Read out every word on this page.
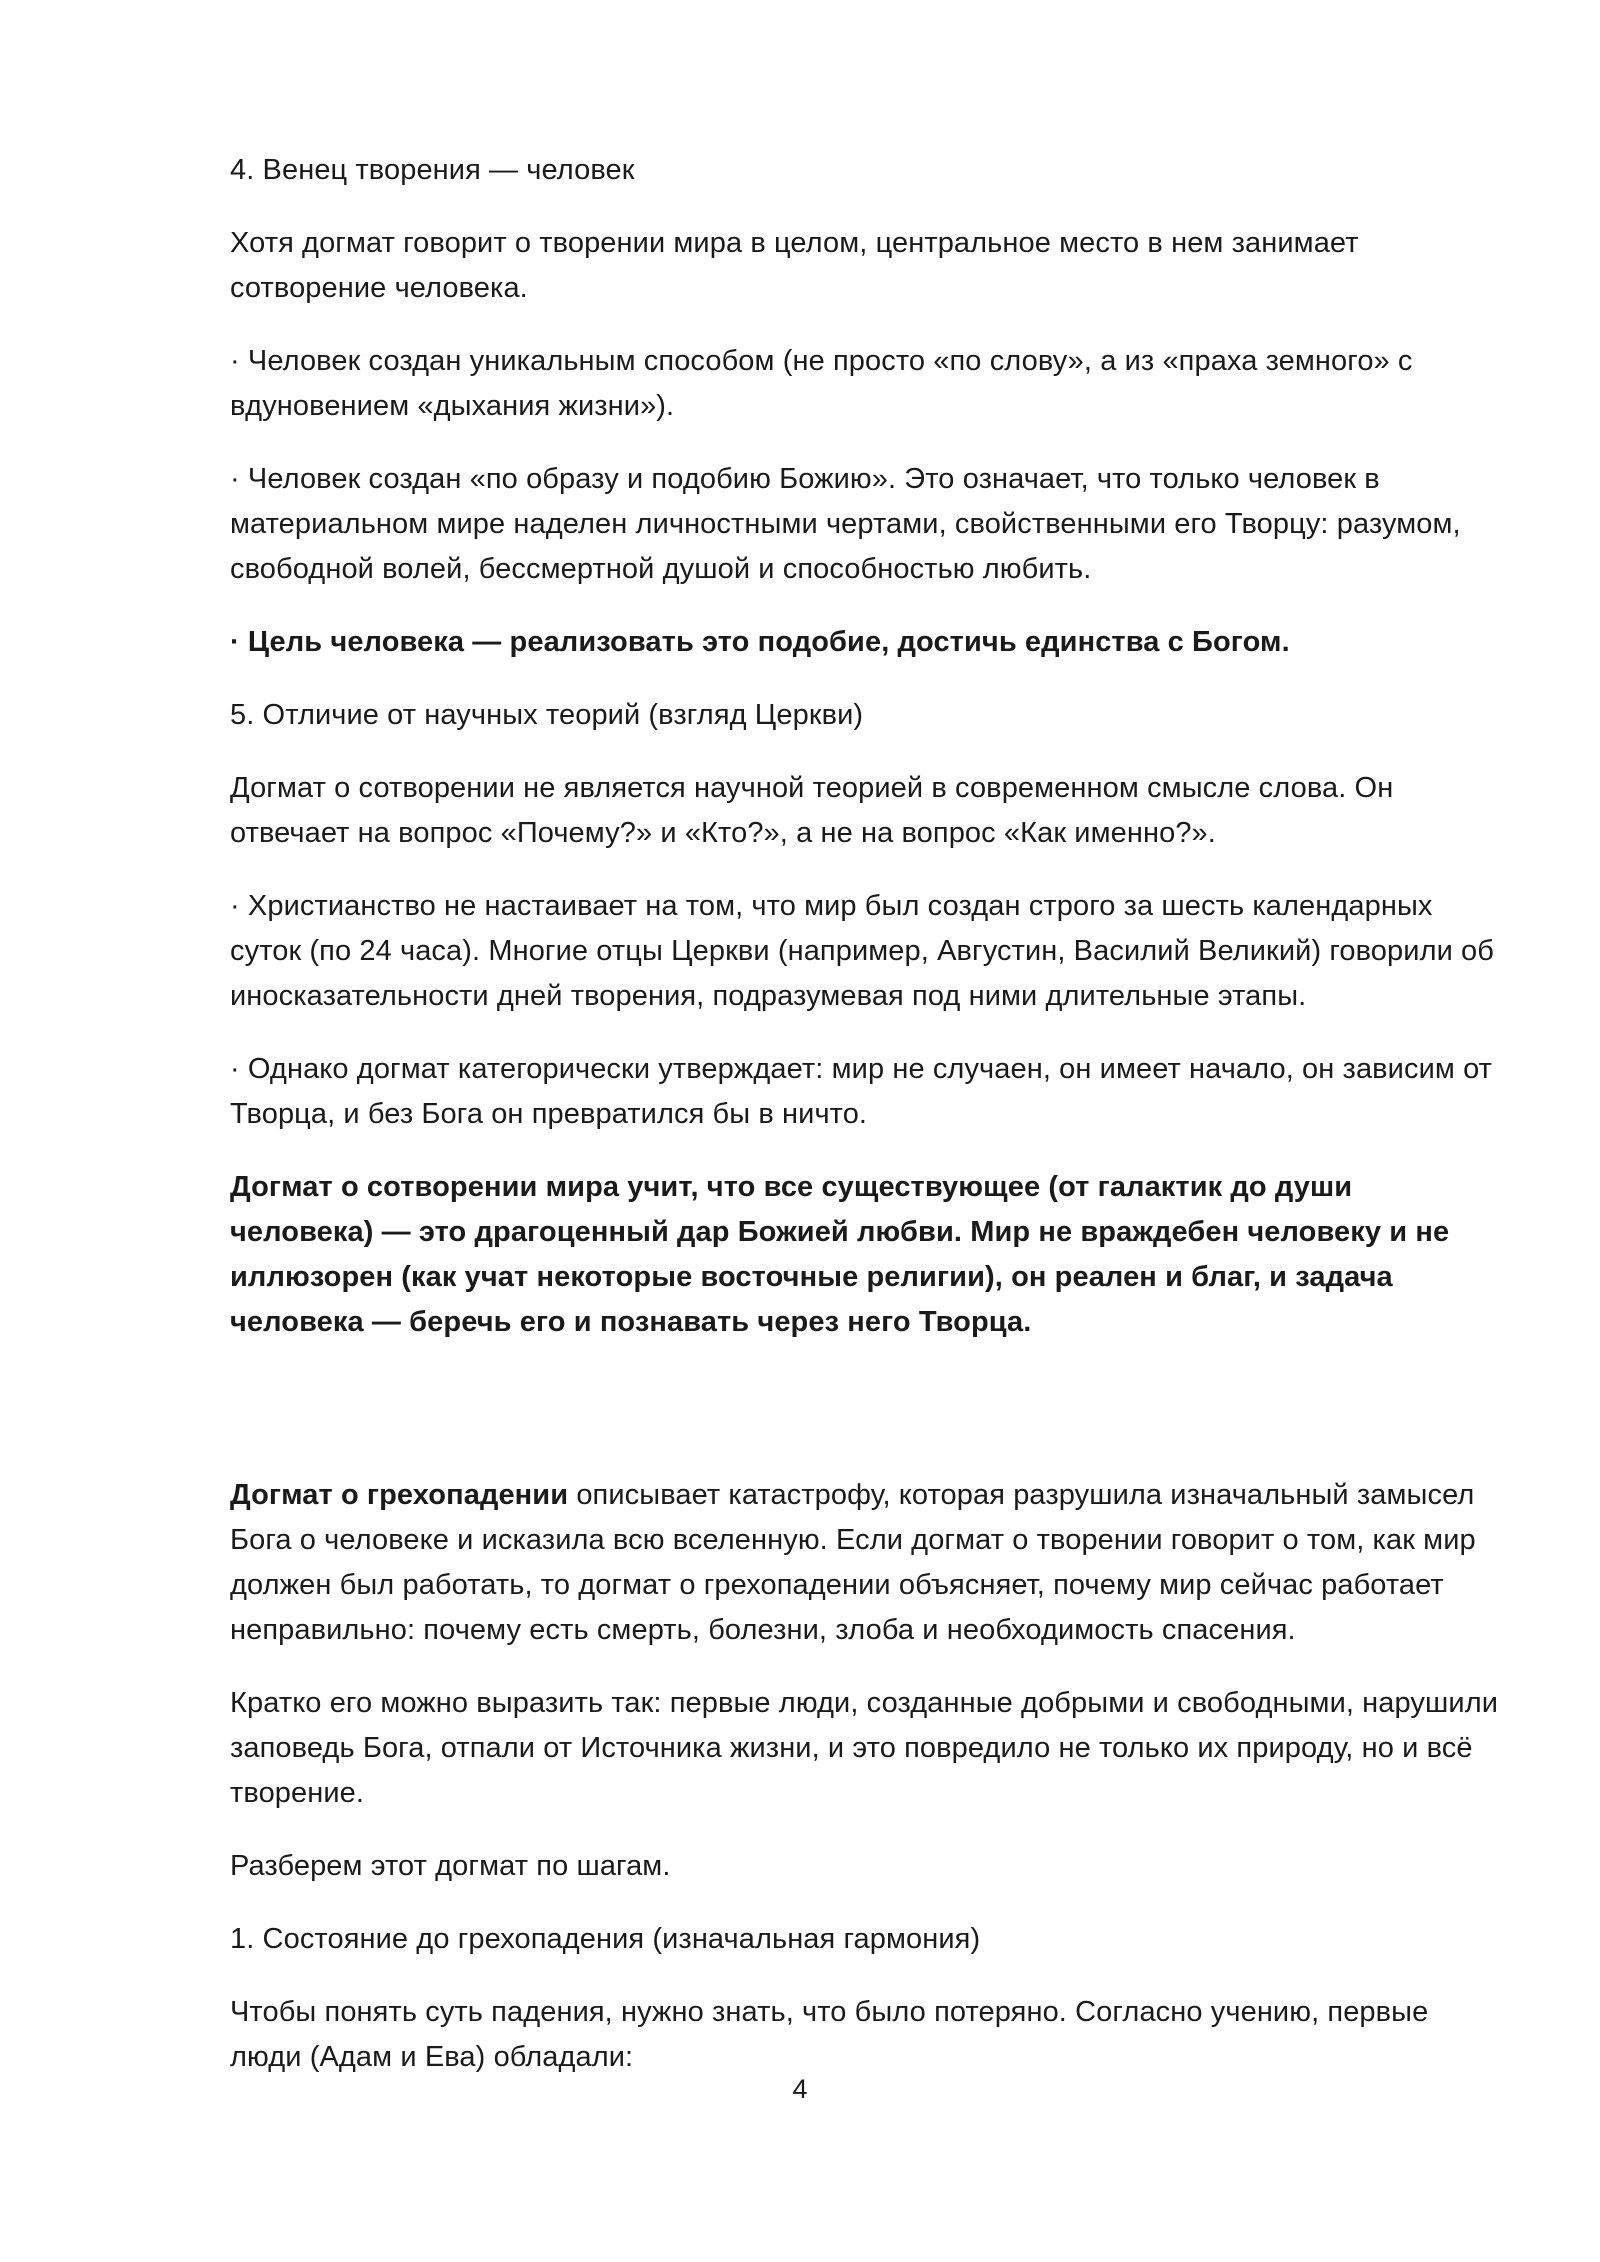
4. Венец творения — человек

Хотя догмат говорит о творении мира в целом, центральное место в нем занимает сотворение человека.

· Человек создан уникальным способом (не просто «по слову», а из «праха земного» с вдуновением «дыхания жизни»).

· Человек создан «по образу и подобию Божию». Это означает, что только человек в материальном мире наделен личностными чертами, свойственными его Творцу: разумом, свободной волей, бессмертной душой и способностью любить.

· Цель человека — реализовать это подобие, достичь единства с Богом.

5. Отличие от научных теорий (взгляд Церкви)

Догмат о сотворении не является научной теорией в современном смысле слова. Он отвечает на вопрос «Почему?» и «Кто?», а не на вопрос «Как именно?».

· Христианство не настаивает на том, что мир был создан строго за шесть календарных суток (по 24 часа). Многие отцы Церкви (например, Августин, Василий Великий) говорили об иносказательности дней творения, подразумевая под ними длительные этапы.

· Однако догмат категорически утверждает: мир не случаен, он имеет начало, он зависим от Творца, и без Бога он превратился бы в ничто.

Догмат о сотворении мира учит, что все существующее (от галактик до души человека) — это драгоценный дар Божией любви. Мир не враждебен человеку и не иллюзорен (как учат некоторые восточные религии), он реален и благ, и задача человека — беречь его и познавать через него Творца.

Догмат о грехопадении описывает катастрофу, которая разрушила изначальный замысел Бога о человеке и исказила всю вселенную. Если догмат о творении говорит о том, как мир должен был работать, то догмат о грехопадении объясняет, почему мир сейчас работает неправильно: почему есть смерть, болезни, злоба и необходимость спасения.

Кратко его можно выразить так: первые люди, созданные добрыми и свободными, нарушили заповедь Бога, отпали от Источника жизни, и это повредило не только их природу, но и всё творение.

Разберем этот догмат по шагам.

1. Состояние до грехопадения (изначальная гармония)

Чтобы понять суть падения, нужно знать, что было потеряно. Согласно учению, первые люди (Адам и Ева) обладали:

4
